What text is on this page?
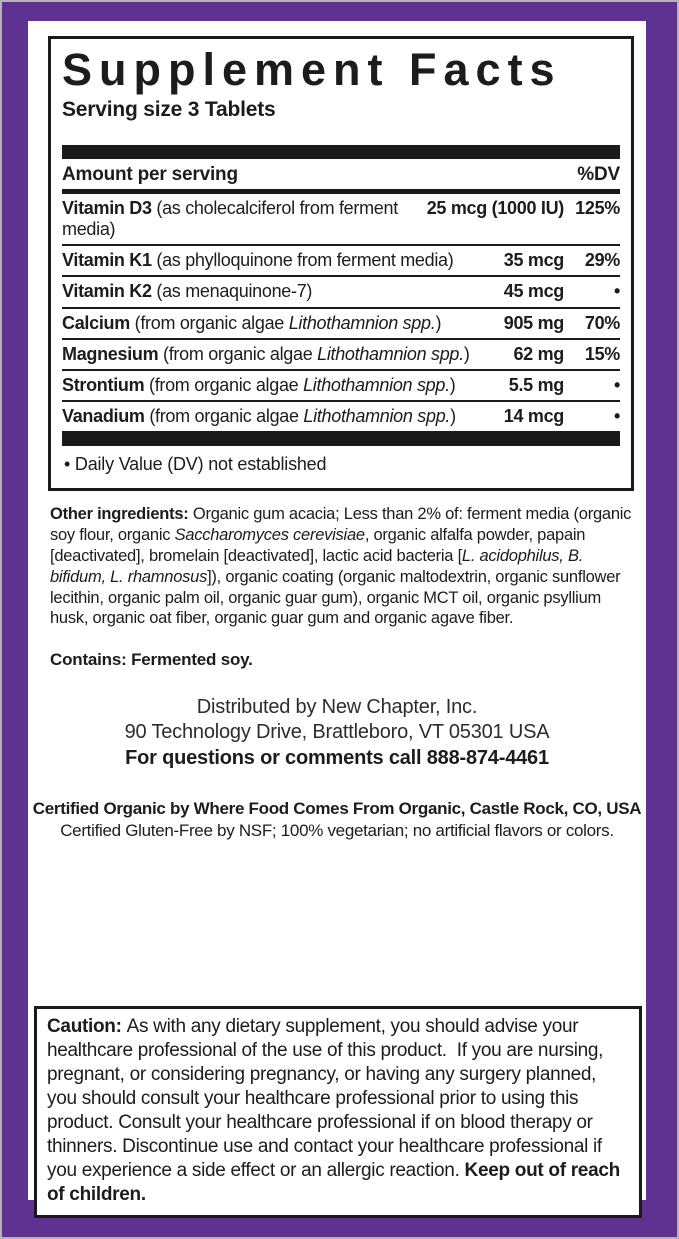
Supplement Facts
Serving size 3 Tablets
Amount per serving	%DV
Vitamin D3 (as cholecalciferol from ferment media)
25 mcg (1000 IU) 125%
Vitamin K1 (as phylloquinone from ferment media)	35 mcg	29%
Vitamin K2 (as menaquinone-7)	45 mcg	•
Calcium (from organic algae Lithothamnion spp.)	905 mg	70%
Magnesium (from organic algae Lithothamnion spp.)	62 mg	15%
Strontium (from organic algae Lithothamnion spp.)	5.5 mg	•
Vanadium (from organic algae Lithothamnion spp.)	14 mcg	•
• Daily Value (DV) not established

Other ingredients: Organic gum acacia; Less than 2% of: ferment media (organic soy flour, organic Saccharomyces cerevisiae, organic alfalfa powder, papain [deactivated], bromelain [deactivated], lactic acid bacteria [L. acidophilus, B. bifidum, L. rhamnosus]), organic coating (organic maltodextrin, organic sunflower lecithin, organic palm oil, organic guar gum), organic MCT oil, organic psyllium husk, organic oat fiber, organic guar gum and organic agave fiber.

Contains: Fermented soy.

Distributed by New Chapter, Inc.
90 Technology Drive, Brattleboro, VT 05301 USA
For questions or comments call 888-874-4461
Certified Organic by Where Food Comes From Organic, Castle Rock, CO, USA
Certified Gluten-Free by NSF; 100% vegetarian; no artificial flavors or colors.

Caution: As with any dietary supplement, you should advise your healthcare professional of the use of this product.  If you are nursing, pregnant, or considering pregnancy, or having any surgery planned, you should consult your healthcare professional prior to using this product. Consult your healthcare professional if on blood therapy or thinners. Discontinue use and contact your healthcare professional if you experience a side effect or an allergic reaction. Keep out of reach of children.
